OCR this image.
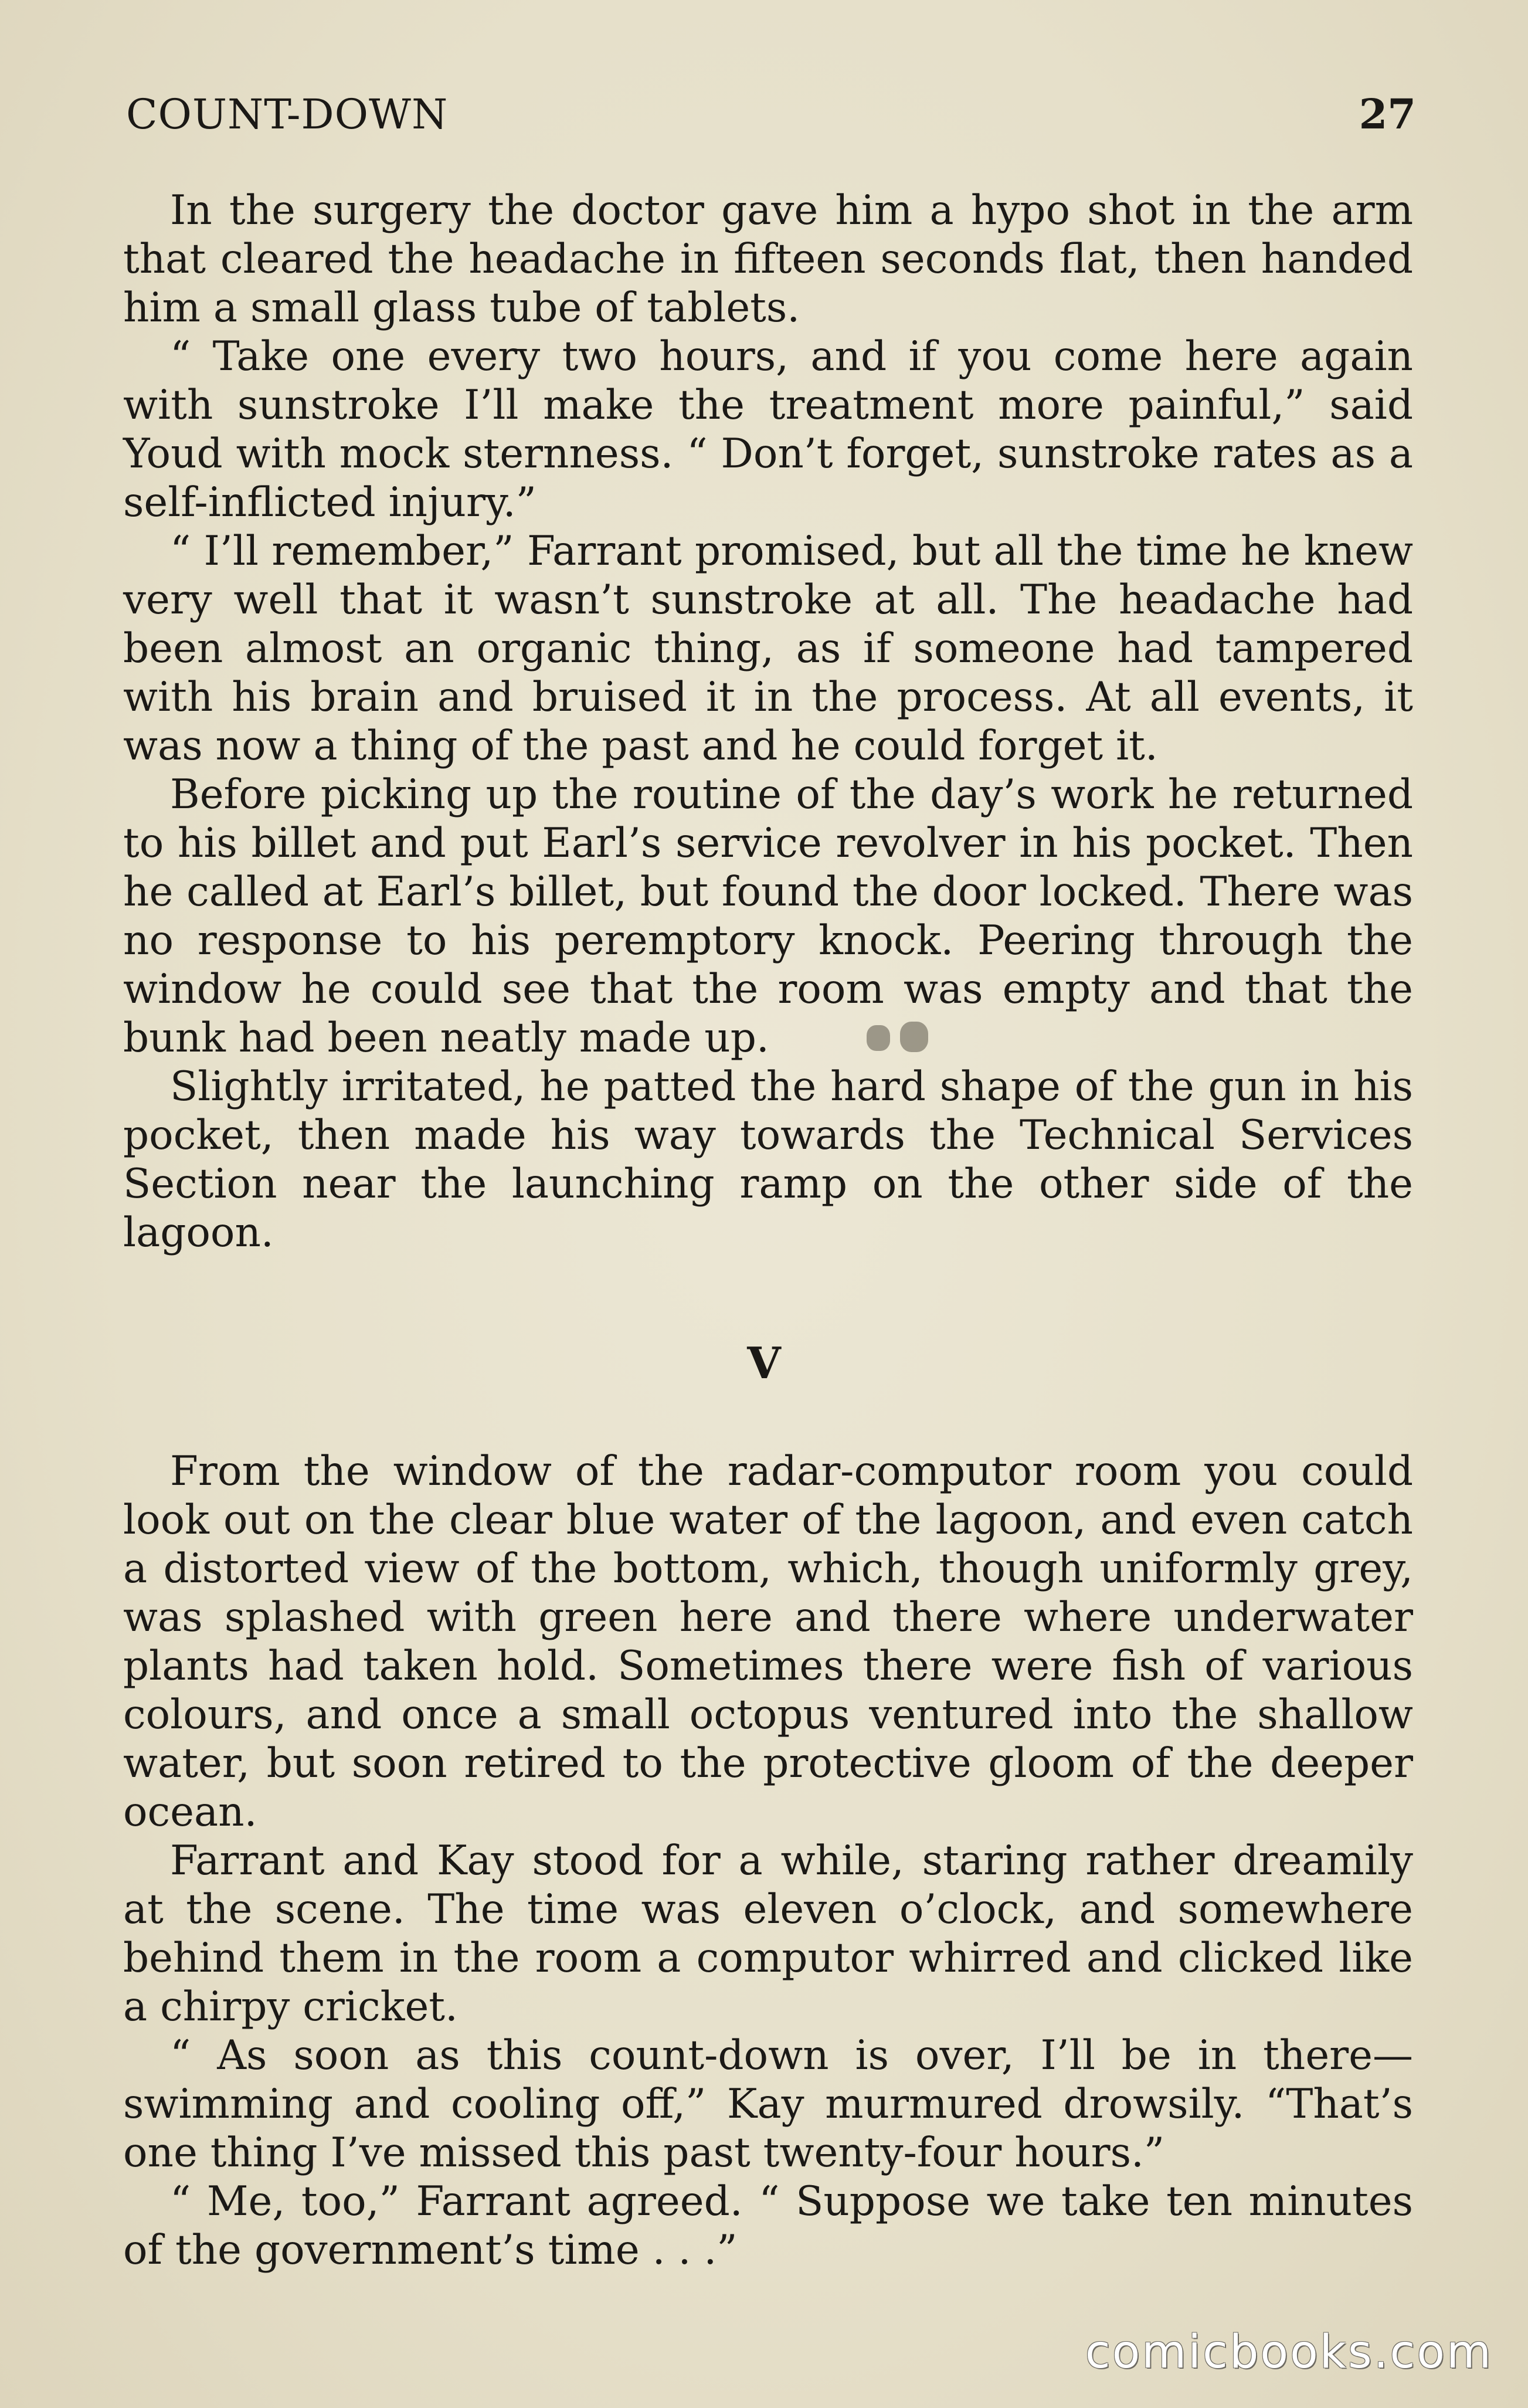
COUNT-DOWN	27

In the surgery the doctor gave him a hypo shot in the arm that cleared the headache in fifteen seconds flat, then handed him a small glass tube of tablets.

“ Take one every two hours, and if you come here again with sunstroke I’ll make the treatment more painful,” said Youd with mock sternness. “ Don’t forget, sunstroke rates as a self-inflicted injury.”

“ I’ll remember,” Farrant promised, but all the time he knew very well that it wasn’t sunstroke at all. The headache had been almost an organic thing, as if someone had tampered with his brain and bruised it in the process. At all events, it was now a thing of the past and he could forget it.

Before picking up the routine of the day’s work he returned to his billet and put Earl’s service revolver in his pocket. Then he called at Earl’s billet, but found the door locked. There was no response to his peremptory knock. Peering through the window he could see that the room was empty and that the bunk had been neatly made up.

Slightly irritated, he patted the hard shape of the gun in his pocket, then made his way towards the Technical Services Section near the launching ramp on the other side of the lagoon.

V

From the window of the radar-computor room you could look out on the clear blue water of the lagoon, and even catch a distorted view of the bottom, which, though uniformly grey, was splashed with green here and there where underwater plants had taken hold. Sometimes there were fish of various colours, and once a small octopus ventured into the shallow water, but soon retired to the protective gloom of the deeper ocean.

Farrant and Kay stood for a while, staring rather dreamily at the scene. The time was eleven o’clock, and somewhere behind them in the room a computor whirred and clicked like a chirpy cricket.

“ As soon as this count-down is over, I’ll be in there—swimming and cooling off,” Kay murmured drowsily. “That’s one thing I’ve missed this past twenty-four hours.”

“ Me, too,” Farrant agreed. “ Suppose we take ten minutes of the government’s time . . .”

comicbooks.com
